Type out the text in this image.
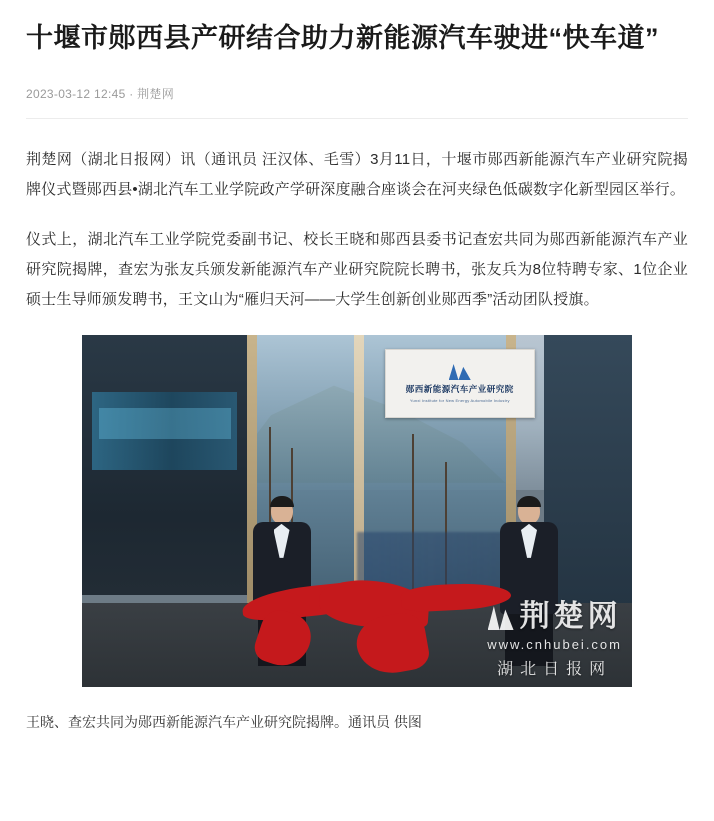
十堰市郧西县产研结合助力新能源汽车驶进“快车道”
2023-03-12 12:45 · 荆楚网

荆楚网（湖北日报网）讯（通讯员 汪汉体、毛雪）3月11日，十堰市郧西新能源汽车产业研究院揭牌仪式暨郧西县•湖北汽车工业学院政产学研深度融合座谈会在河夹绿色低碳数字化新型园区举行。

仪式上，湖北汽车工业学院党委副书记、校长王晓和郧西县委书记查宏共同为郧西新能源汽车产业研究院揭牌，查宏为张友兵颁发新能源汽车产业研究院院长聘书，张友兵为8位特聘专家、1位企业硕士生导师颁发聘书，王文山为“雁归天河——大学生创新创业郧西季”活动团队授旗。

郧西新能源汽车产业研究院
Yunxi Institute for New Energy Automobile Industry
荆楚网
www.cnhubei.com
湖北日报网
王晓、查宏共同为郧西新能源汽车产业研究院揭牌。通讯员 供图
